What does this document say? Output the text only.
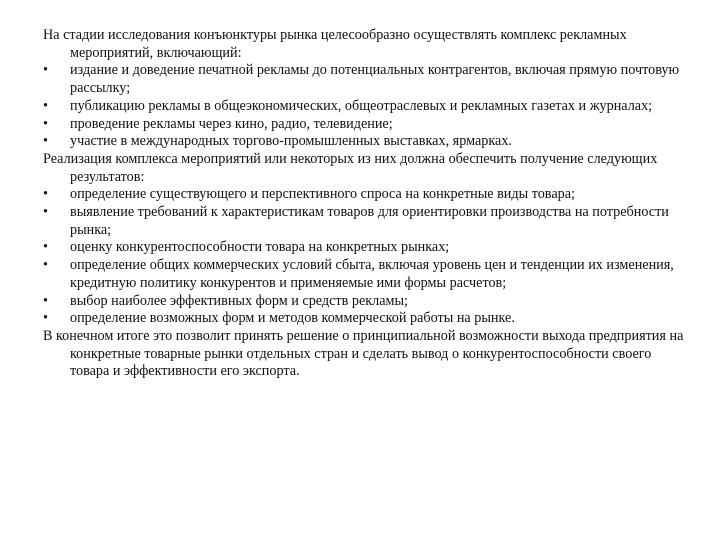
На стадии исследования конъюнктуры рынка целесообразно осуществлять комплекс рекламных мероприятий, включающий:

•	издание и доведение печатной рекламы до потенциальных контрагентов, включая прямую почтовую рассылку;
•	публикацию рекламы в общеэкономических, общеотраслевых и рекламных газетах и журналах;
•	проведение рекламы через кино, радио, телевидение;
•	участие в международных торгово-промышленных выставках, ярмарках.

Реализация комплекса мероприятий или некоторых из них должна обеспечить получение следующих результатов:

•	определение существующего и перспективного спроса на конкретные виды товара;
•	выявление требований к характеристикам товаров для ориентировки производства на потребности рынка;
•	оценку конкурентоспособности товара на конкретных рынках;
•	определение общих коммерческих условий сбыта, включая уровень цен и тенденции их изменения, кредитную политику конкурентов и применяемые ими формы расчетов;
•	выбор наиболее эффективных форм и средств рекламы;
•	определение возможных форм и методов коммерческой работы на рынке.

В конечном итоге это позволит принять решение о принципиальной возможности выхода предприятия на конкретные товарные рынки отдельных стран и сделать вывод о конкурентоспособности своего товара и эффективности его экспорта.
